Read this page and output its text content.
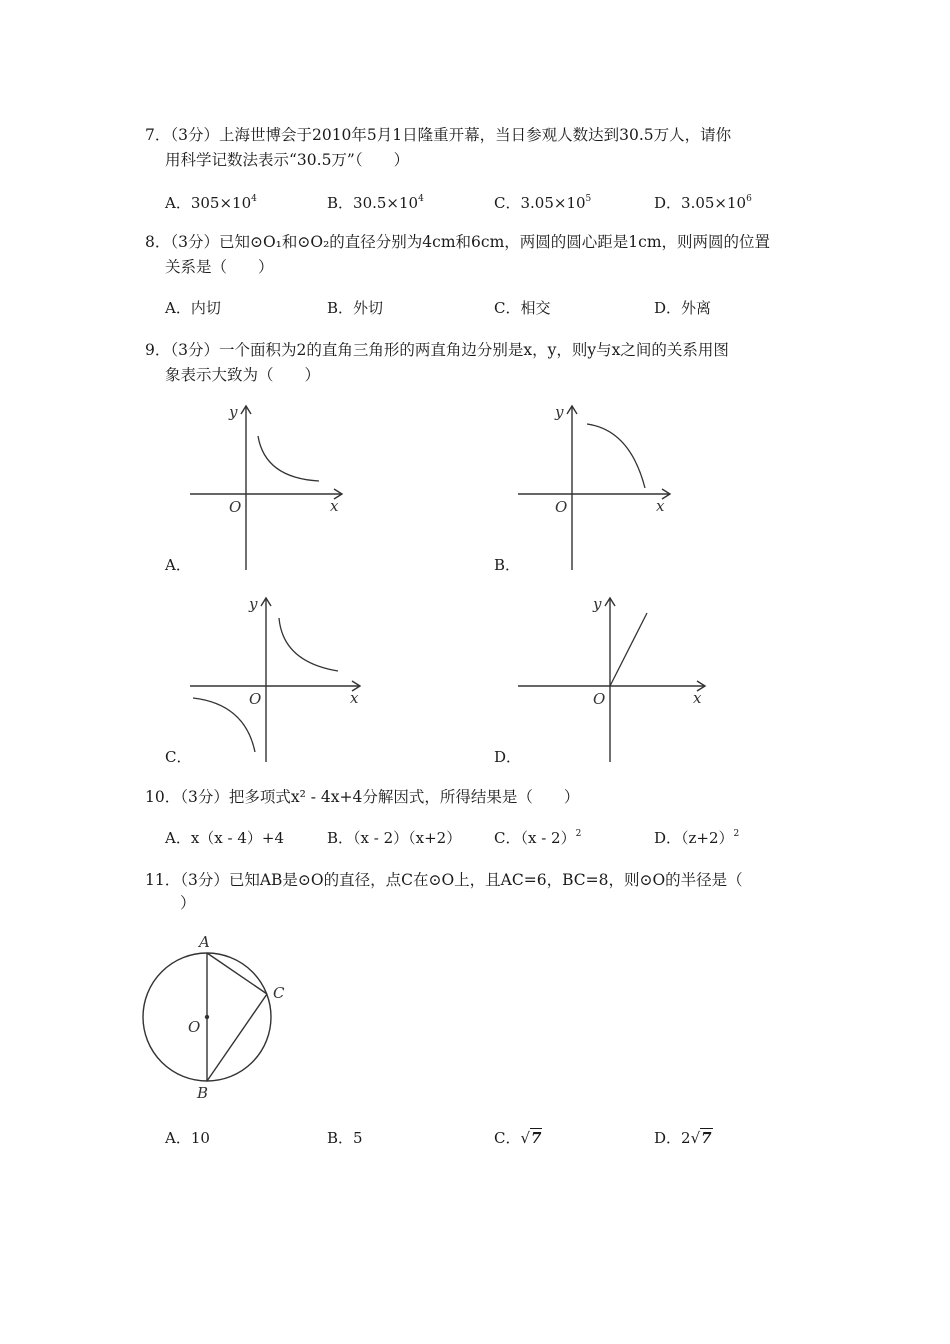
7．（3分）上海世博会于2010年5月1日隆重开幕，当日参观人数达到30.5万人，请你
用科学记数法表示“30.5万”（　　）
A．$305\times 10^4$	B．$30.5\times 10^4$	C．$3.05\times 10^5$	D．$3.05\times 10^6$
8．（3分）已知⊙O₁和⊙O₂的直径分别为4cm和6cm，两圆的圆心距是1cm，则两圆的位置
关系是（　　）
A．内切	B．外切	C．相交	D．外离
9．（3分）一个面积为2的直角三角形的两直角边分别是x，y，则y与x之间的关系用图
象表示大致为（　　）
y
x
O
A．
y
x
O
B．
y
x
O
C．
y
x
O
D．
10．（3分）把多项式x² ‑ 4x+4分解因式，所得结果是（　　）
A．x（x ‑ 4）+4	B．（x ‑ 2）（x+2） C．（x ‑ 2）$^2$	D．$(z+2)^2$
11．（3分）已知AB是⊙O的直径，点C在⊙O上，且AC=6，BC=8，则⊙O的半径是（
）
A
B
C
O
A．10	B．5	C．√7	D．2√7
